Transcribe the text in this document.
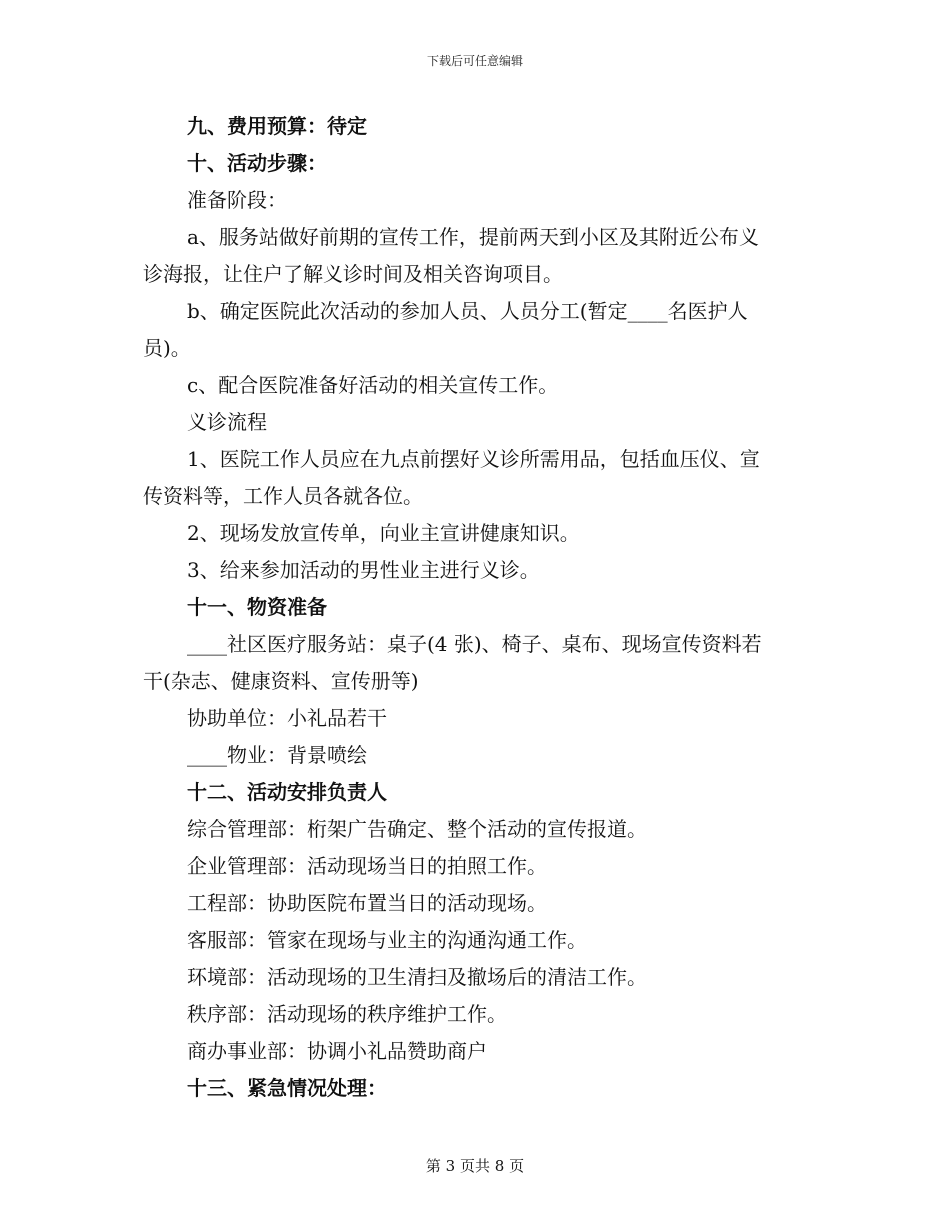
下载后可任意编辑
九、费用预算：待定
十、活动步骤：
准备阶段：
a、服务站做好前期的宣传工作，提前两天到小区及其附近公布义
诊海报，让住户了解义诊时间及相关咨询项目。
b、确定医院此次活动的参加人员、人员分工(暂定____名医护人
员)。
c、配合医院准备好活动的相关宣传工作。
义诊流程
1、医院工作人员应在九点前摆好义诊所需用品，包括血压仪、宣
传资料等，工作人员各就各位。
2、现场发放宣传单，向业主宣讲健康知识。
3、给来参加活动的男性业主进行义诊。
十一、物资准备
____社区医疗服务站：桌子(4 张)、椅子、桌布、现场宣传资料若
干(杂志、健康资料、宣传册等)
协助单位：小礼品若干
____物业：背景喷绘
十二、活动安排负责人
综合管理部：桁架广告确定、整个活动的宣传报道。
企业管理部：活动现场当日的拍照工作。
工程部：协助医院布置当日的活动现场。
客服部：管家在现场与业主的沟通沟通工作。
环境部：活动现场的卫生清扫及撤场后的清洁工作。
秩序部：活动现场的秩序维护工作。
商办事业部：协调小礼品赞助商户
十三、紧急情况处理：
第 3 页共 8 页
